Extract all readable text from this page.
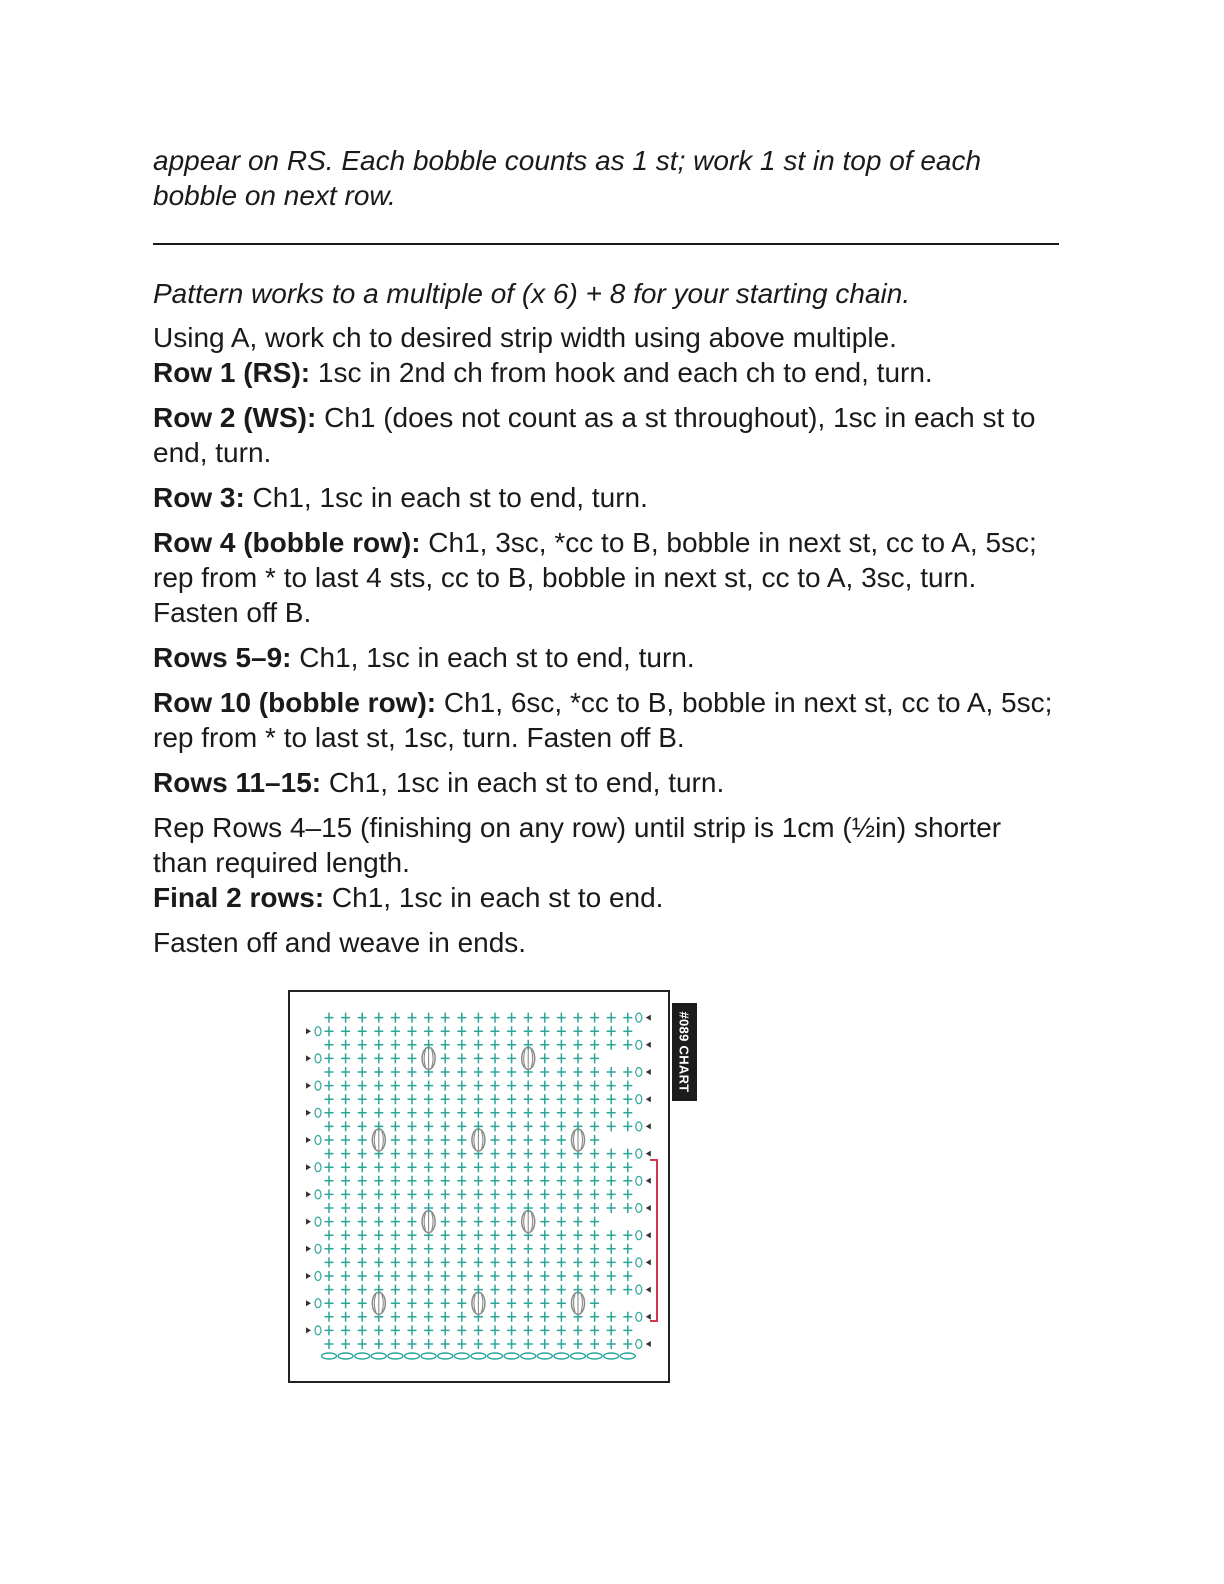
appear on RS. Each bobble counts as 1 st; work 1 st in top of each bobble on next row.

Pattern works to a multiple of (x 6) + 8 for your starting chain.

Using A, work ch to desired strip width using above multiple.

Row 1 (RS): 1sc in 2nd ch from hook and each ch to end, turn.

Row 2 (WS): Ch1 (does not count as a st throughout), 1sc in each st to end, turn.

Row 3: Ch1, 1sc in each st to end, turn.

Row 4 (bobble row): Ch1, 3sc, *cc to B, bobble in next st, cc to A, 5sc; rep from * to last 4 sts, cc to B, bobble in next st, cc to A, 3sc, turn. Fasten off B.

Rows 5–9: Ch1, 1sc in each st to end, turn.

Row 10 (bobble row): Ch1, 6sc, *cc to B, bobble in next st, cc to A, 5sc; rep from * to last st, 1sc, turn. Fasten off B.

Rows 11–15: Ch1, 1sc in each st to end, turn.

Rep Rows 4–15 (finishing on any row) until strip is 1cm (½in) shorter than required length.

Final 2 rows: Ch1, 1sc in each st to end.

Fasten off and weave in ends.

#089 CHART
